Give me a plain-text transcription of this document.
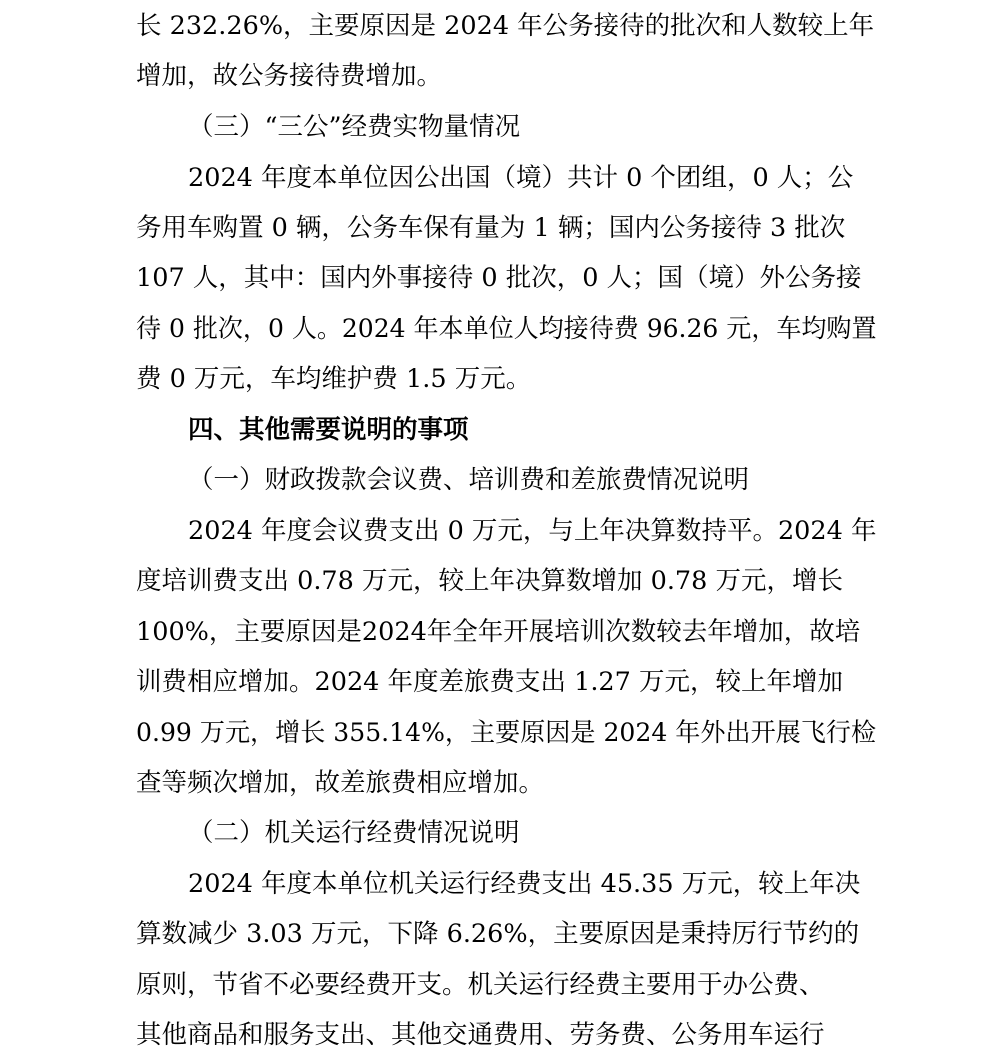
长 232.26%，主要原因是 2024 年公务接待的批次和人数较上年
增加，故公务接待费增加。
（三）“三公”经费实物量情况
2024 年度本单位因公出国（境）共计 0 个团组，0 人；公
务用车购置 0 辆，公务车保有量为 1 辆；国内公务接待 3 批次
107 人，其中：国内外事接待 0 批次，0 人；国（境）外公务接
待 0 批次，0 人。2024 年本单位人均接待费 96.26 元，车均购置
费 0 万元，车均维护费 1.5 万元。
四、其他需要说明的事项
（一）财政拨款会议费、培训费和差旅费情况说明
2024 年度会议费支出 0 万元，与上年决算数持平。2024 年
度培训费支出 0.78 万元，较上年决算数增加 0.78 万元，增长
100%，主要原因是2024年全年开展培训次数较去年增加，故培
训费相应增加。2024 年度差旅费支出 1.27 万元，较上年增加
0.99 万元，增长 355.14%，主要原因是 2024 年外出开展飞行检
查等频次增加，故差旅费相应增加。
（二）机关运行经费情况说明
2024 年度本单位机关运行经费支出 45.35 万元，较上年决
算数减少 3.03 万元，下降 6.26%，主要原因是秉持厉行节约的
原则，节省不必要经费开支。机关运行经费主要用于办公费、
其他商品和服务支出、其他交通费用、劳务费、公务用车运行
